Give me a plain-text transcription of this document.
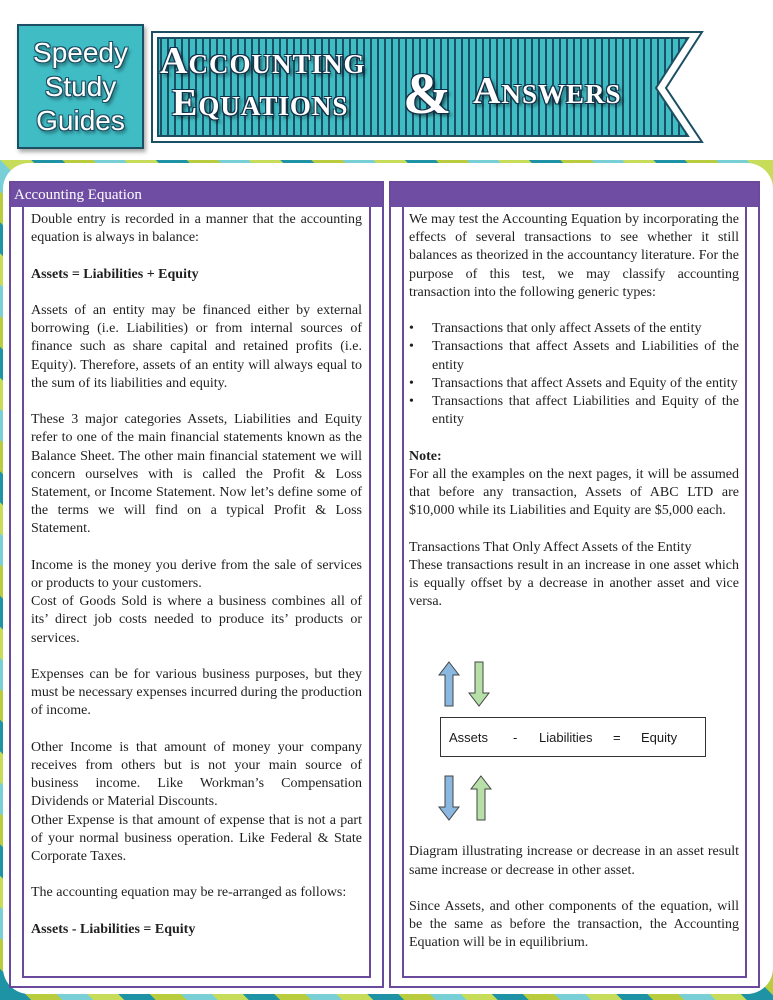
Speedy
Study
Guides
Accounting
Equations & Answers
Accounting Equation

Double entry is recorded in a manner that the accounting equation is always in balance:

Assets = Liabilities + Equity

Assets of an entity may be financed either by external borrowing (i.e. Liabilities) or from internal sources of finance such as share capital and retained profits (i.e. Equity). Therefore, assets of an entity will always equal to the sum of its liabilities and equity.

These 3 major categories Assets, Liabilities and Equity refer to one of the main financial statements known as the Balance Sheet. The other main financial statement we will concern ourselves with is called the Profit & Loss Statement, or Income Statement. Now let’s define some of the terms we will find on a typical Profit & Loss Statement.

Income is the money you derive from the sale of services or products to your customers.

Cost of Goods Sold is where a business combines all of its’ direct job costs needed to produce its’ products or services.

Expenses can be for various business purposes, but they must be necessary expenses incurred during the production of income.

Other Income is that amount of money your company receives from others but is not your main source of business income. Like Workman’s Compensation Dividends or Material Discounts.

Other Expense is that amount of expense that is not a part of your normal business operation. Like Federal & State Corporate Taxes.

The accounting equation may be re-arranged as follows:

Assets - Liabilities = Equity

We may test the Accounting Equation by incorporating the effects of several transactions to see whether it still balances as theorized in the accountancy literature. For the purpose of this test, we may classify accounting transaction into the following generic types:

• Transactions that only affect Assets of the entity
• Transactions that affect Assets and Liabilities of the entity
• Transactions that affect Assets and Equity of the entity
• Transactions that affect Liabilities and Equity of the entity

Note:

For all the examples on the next pages, it will be assumed that before any transaction, Assets of ABC LTD are $10,000 while its Liabilities and Equity are $5,000 each.

Transactions That Only Affect Assets of the Entity

These transactions result in an increase in one asset which is equally offset by a decrease in another asset and vice versa.

Diagram illustrating increase or decrease in an asset result same increase or decrease in other asset.

Since Assets, and other components of the equation, will be the same as before the transaction, the Accounting Equation will be in equilibrium.

Assets - Liabilities = Equity
